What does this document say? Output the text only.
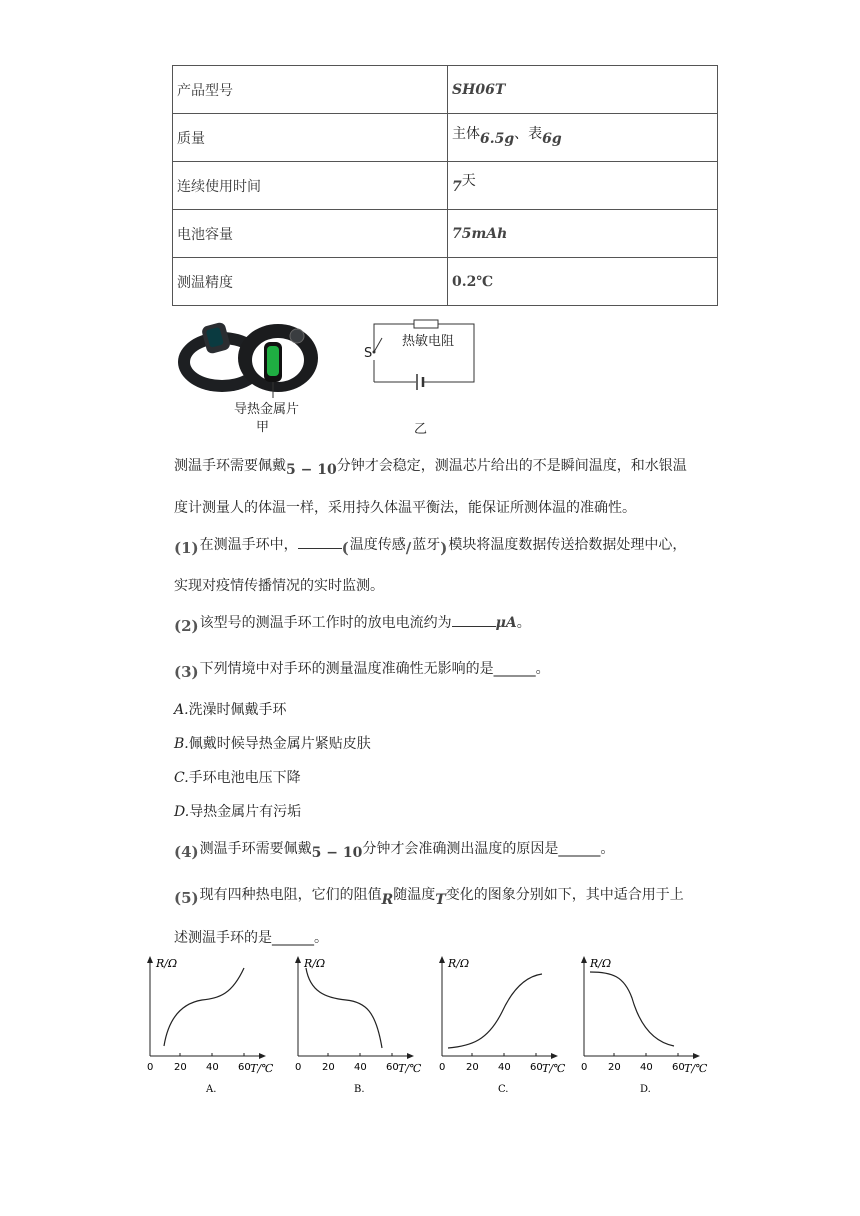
产品型号	SH06T
质量	主体6.5g、表6g
连续使用时间	7天
电池容量	75mAh
测温精度	0.2℃
导热金属片
甲
热敏电阻
S
乙
测温手环需要佩戴5 − 10分钟才会稳定，测温芯片给出的不是瞬间温度，和水银温
度计测量人的体温一样，采用持久体温平衡法，能保证所测体温的准确性。
(1)在测温手环中，	(温度传感/蓝牙)模块将温度数据传送拾数据处理中心，
实现对疫情传播情况的实时监测。
(2)该型号的测温手环工作时的放电电流约为	μA。
(3)下列情境中对手环的测量温度准确性无影响的是______。
A.洗澡时佩戴手环
B.佩戴时候导热金属片紧贴皮肤
C.手环电池电压下降
D.导热金属片有污垢
(4)测温手环需要佩戴5 − 10分钟才会准确测出温度的原因是______。
(5)现有四种热电阻，它们的阻值R随温度T变化的图象分别如下，其中适合用于上
述测温手环的是______。
R/Ω
0 20 40 60 T/℃
A.
R/Ω
0 20 40 60 T/℃
B.
R/Ω
0 20 40 60 T/℃
C.
R/Ω
0 20 40 60 T/℃
D.
